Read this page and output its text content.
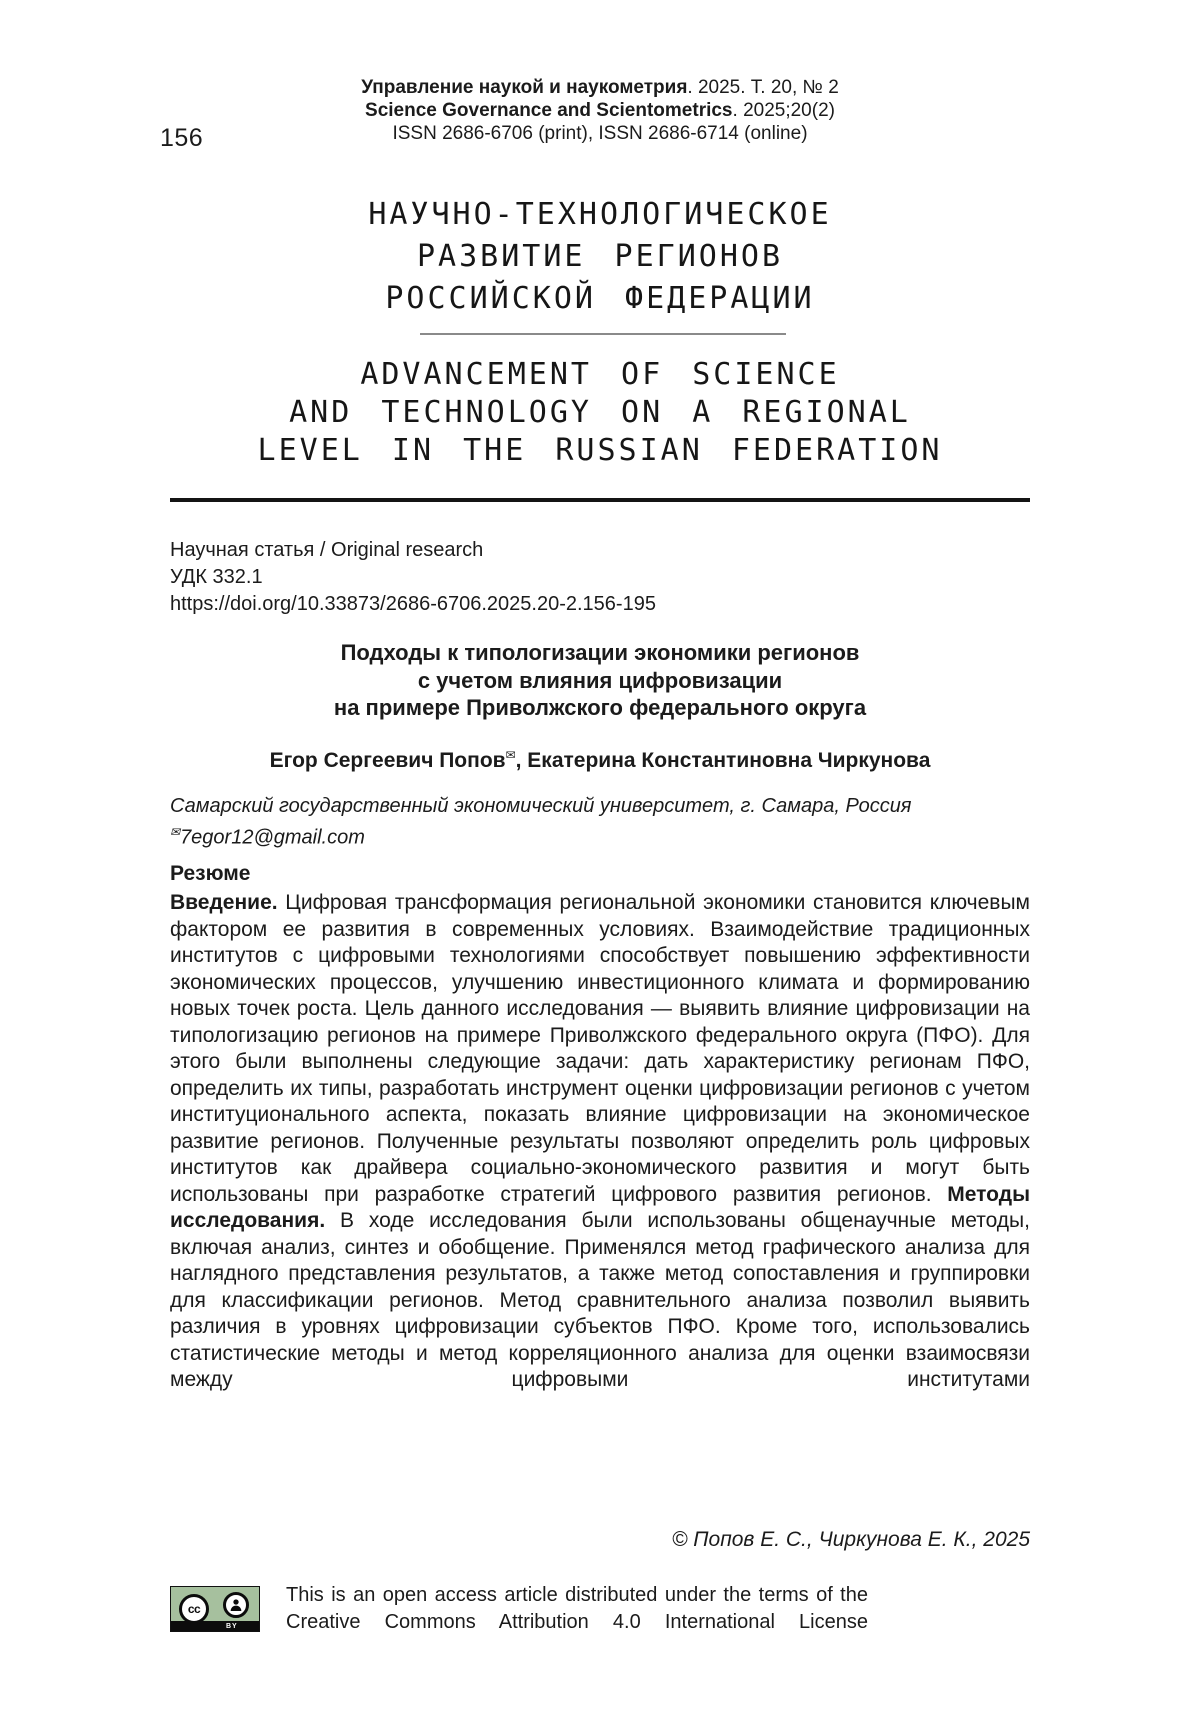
Управление наукой и наукометрия. 2025. Т. 20, № 2
Science Governance and Scientometrics. 2025;20(2)
ISSN 2686-6706 (print), ISSN 2686-6714 (online)
156
НАУЧНО-ТЕХНОЛОГИЧЕСКОЕ
РАЗВИТИЕ РЕГИОНОВ
РОССИЙСКОЙ ФЕДЕРАЦИИ
ADVANCEMENT OF SCIENCE
AND TECHNOLOGY ON A REGIONAL
LEVEL IN THE RUSSIAN FEDERATION
Научная статья / Original research
УДК 332.1
https://doi.org/10.33873/2686-6706.2025.20-2.156-195
Подходы к типологизации экономики регионов
с учетом влияния цифровизации
на примере Приволжского федерального округа
Егор Сергеевич Попов✉, Екатерина Константиновна Чиркунова
Самарский государственный экономический университет, г. Самара, Россия
✉7egor12@gmail.com
Резюме

Введение. Цифровая трансформация региональной экономики становится ключевым фактором ее развития в современных условиях. Взаимодействие традиционных институтов с цифровыми технологиями способствует повышению эффективности экономических процессов, улучшению инвестиционного климата и формированию новых точек роста. Цель данного исследования — выявить влияние цифровизации на типологизацию регионов на примере Приволжского федерального округа (ПФО). Для этого были выполнены следующие задачи: дать характеристику регионам ПФО, определить их типы, разработать инструмент оценки цифровизации регионов с учетом институционального аспекта, показать влияние цифровизации на экономическое развитие регионов. Полученные результаты позволяют определить роль цифровых институтов как драйвера социально-экономического развития и могут быть использованы при разработке стратегий цифрового развития регионов. Методы исследования. В ходе исследования были использованы общенаучные методы, включая анализ, синтез и обобщение. Применялся метод графического анализа для наглядного представления результатов, а также метод сопоставления и группировки для классификации регионов. Метод сравнительного анализа позволил выявить различия в уровнях цифровизации субъектов ПФО. Кроме того, использовались статистические методы и метод корреляционного анализа для оценки взаимосвязи между цифровыми институтами

© Попов Е. С., Чиркунова Е. К., 2025
cc
BY
This is an open access article distributed under the terms of the Creative Commons Attribution 4.0 International License
